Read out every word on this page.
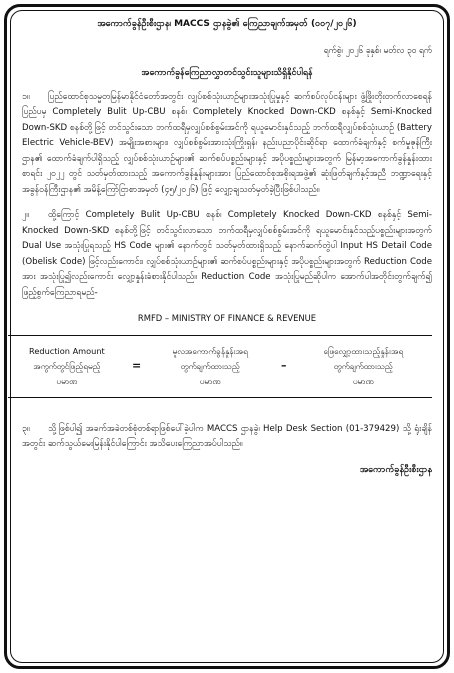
အကောက်ခွန်ဦးစီးဌာန၊ MACCS ဌာနခွဲ၏ ကြေညာချက်အမှတ် (၀၀၇/၂၀၂၆)
ရက်စွဲ၊ ၂၀၂၆ ခုနှစ်၊ မတ်လ ၃၀ ရက်
အကောက်ခွန်ကြေညာလွှာတင်သွင်းသူများသိရှိနိုင်ပါရန်
၁။ ပြည်ထောင်စုသမ္မတမြန်မာနိုင်ငံတော်အတွင်း လျှပ်စစ်သုံးယာဉ်များအသုံးပြုမှုနှင့် ဆက်စပ်လုပ်ငန်းများ ဖွံ့ဖြိုးတိုးတက်လာစေရန် ပြည်ပမှ Completely Bulit Up-CBU စနစ်၊ Completely Knocked Down-CKD စနစ်နှင့် Semi-Knocked Down-SKD စနစ်တို့ဖြင့် တင်သွင်းသော ဘက်ထရီမှလျှပ်စစ်စွမ်းအင်ကို ရယူမောင်းနှင်သည့် ဘက်ထရီလျှပ်စစ်သုံးယာဉ် (Battery Electric Vehicle-BEV) အမျိုးအစားများ၊ လျှပ်စစ်စွမ်းအားသုံးကြိုးရှန်၊ နည်းပညာပိုင်းဆိုင်ရာ ထောက်ခံချက်နှင့် စက်မှုဇုန်ကြီးဌာန၏ ထောက်ခံချက်ပါရှိသည့် လျှပ်စစ်သုံးယာဉ်များ၏ ဆက်စပ်ပစ္စည်းများနှင့် အပိုပစ္စည်းများအတွက် မြန်မာ့အကောက်ခွန်နှုန်းထားစာရင်း ၂၀၂၂ တွင် သတ်မှတ်ထားသည့် အကောက်ခွန်နှုန်းများအား ပြည်ထောင်စုအစိုးရအဖွဲ့၏ ဆုံးဖြတ်ချက်နှင့်အညီ ဘဏ္ဍာရေးနှင့် အခွန်ဝန်ကြီးဌာန၏ အမိန့်ကြော်ငြာစာအမှတ် (၄၅/၂၀၂၆) ဖြင့် လျှော့ချသတ်မှတ်ခဲ့ပြီးဖြစ်ပါသည်။
၂။ ထို့ကြောင့် Completely Bulit Up-CBU စနစ်၊ Completely Knocked Down-CKD စနစ်နှင့် Semi-Knocked Down-SKD စနစ်တို့ဖြင့် တင်သွင်းလာသော ဘက်ထရီမှလျှပ်စစ်စွမ်းအင်ကို ရယူမောင်းနှင်သည့်ပစ္စည်းများအတွက် Dual Use အသုံးပြုရသည့် HS Code များ၏ နောက်တွင် သတ်မှတ်ထားရှိသည့် နောက်ဆက်တွဲပါ Input HS Detail Code (Obelisk Code) ဖြင့်လည်းကောင်း၊ လျှပ်စစ်သုံးယာဉ်များ၏ ဆက်စပ်ပစ္စည်းများနှင့် အပိုပစ္စည်းများအတွက် Reduction Code အား အသုံးပြု၍လည်းကောင်း လျှော့နှုန်းခံစားနိုင်ပါသည်။ Reduction Code အသုံးပြုမည်ဆိုပါက အောက်ပါအတိုင်းတွက်ချက်၍ ဖြည့်စွက်ကြေညာရမည်-
RMFD – MINISTRY OF FINANCE & REVENUE
Reduction Amount
အကွက်တွင်ဖြည့်ရမည့်
ပမာဏ
=
မူလအကောက်ခွန်နှုန်းအရ
တွက်ချက်ထားသည့်
ပမာဏ
–
ဖြေလျှော့ထားသည့်နှုန်းအရ
တွက်ချက်ထားသည့်
ပမာဏ
၃။ သို့ဖြစ်ပါ၍ အခက်အခဲတစ်စုံတစ်ရာဖြစ်ပေါ်ခဲ့ပါက MACCS ဌာနခွဲ၊ Help Desk Section (01-379429) သို့ ရုံးချိန်အတွင်း ဆက်သွယ်မေးမြန်းနိုင်ပါကြောင်း အသိပေးကြေညာအပ်ပါသည်။
အကောက်ခွန်ဦးစီးဌာန
